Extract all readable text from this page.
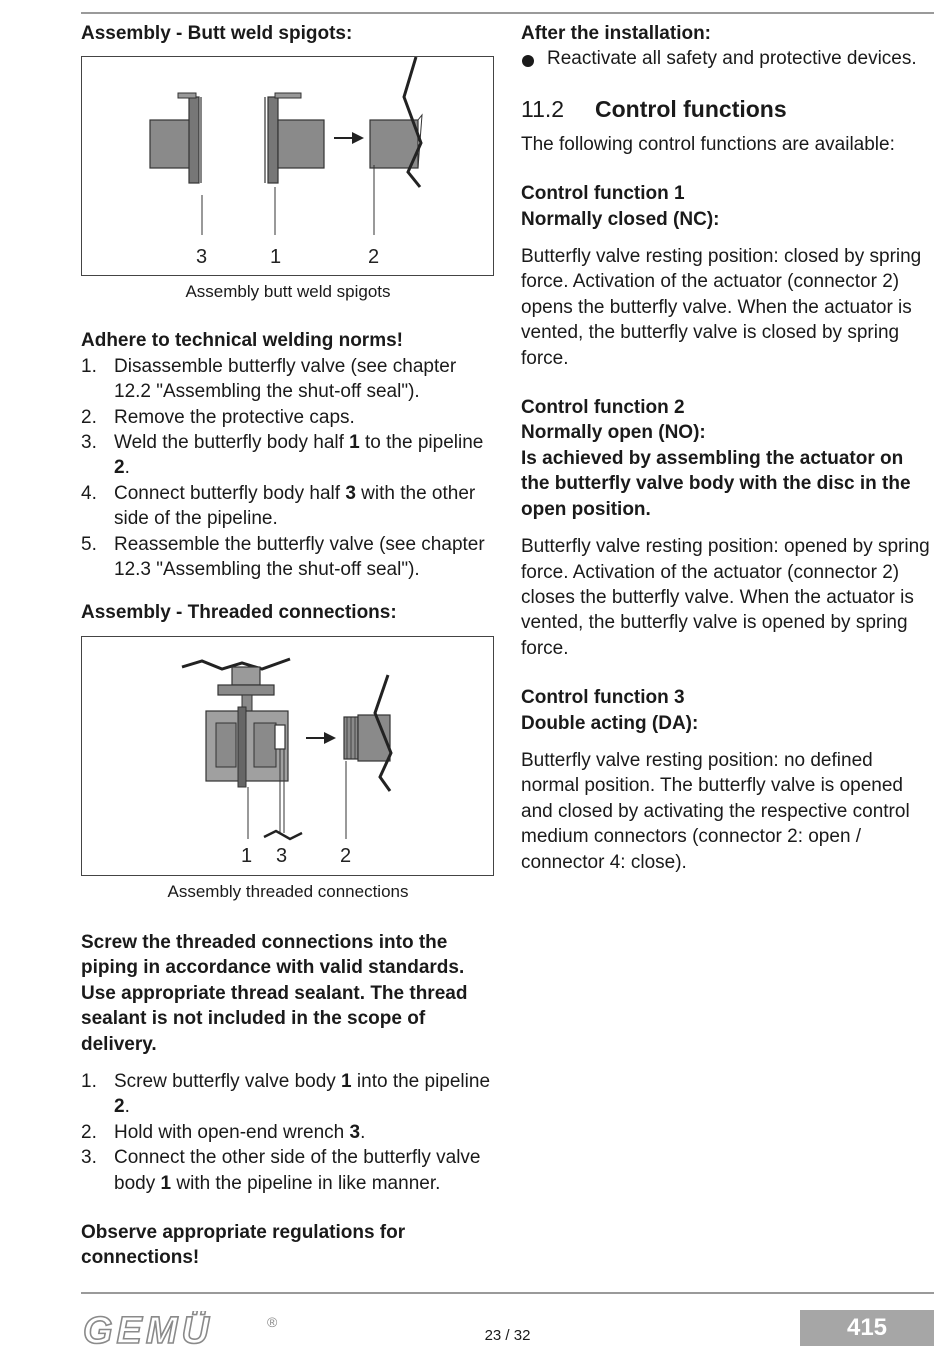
Assembly - Butt weld spigots:

3	1	2
Assembly butt weld spigots

Adhere to technical welding norms!

1. Disassemble butterfly valve (see chapter 12.2 "Assembling the shut-off seal").
2. Remove the protective caps.
3. Weld the butterfly body half 1 to the pipeline 2.
4. Connect butterfly body half 3 with the other side of the pipeline.
5. Reassemble the butterfly valve (see chapter 12.3 "Assembling the shut-off seal").

Assembly - Threaded connections:

1 3	2
Assembly threaded connections

Screw the threaded connections into the piping in accordance with valid standards. Use appropriate thread sealant. The thread sealant is not included in the scope of delivery.

1. Screw butterfly valve body 1 into the pipeline 2.
2. Hold with open-end wrench 3.
3. Connect the other side of the butterfly valve body 1 with the pipeline in like manner.

Observe appropriate regulations for connections!

After the installation:

Reactivate all safety and protective devices.
11.2 Control functions

The following control functions are available:

Control function 1

Normally closed (NC):

Butterfly valve resting position: closed by spring force. Activation of the actuator (connector 2) opens the butterfly valve. When the actuator is vented, the butterfly valve is closed by spring force.

Control function 2

Normally open (NO):

Is achieved by assembling the actuator on the butterfly valve body with the disc in the open position.

Butterfly valve resting position: opened by spring force. Activation of the actuator (connector 2) closes the butterfly valve. When the actuator is vented, the butterfly valve is opened by spring force.

Control function 3

Double acting (DA):

Butterfly valve resting position: no defined normal position. The butterfly valve is opened and closed by activating the respective control medium connectors (connector 2: open / connector 4: close).

GEMÜ	®
23 / 32	415
